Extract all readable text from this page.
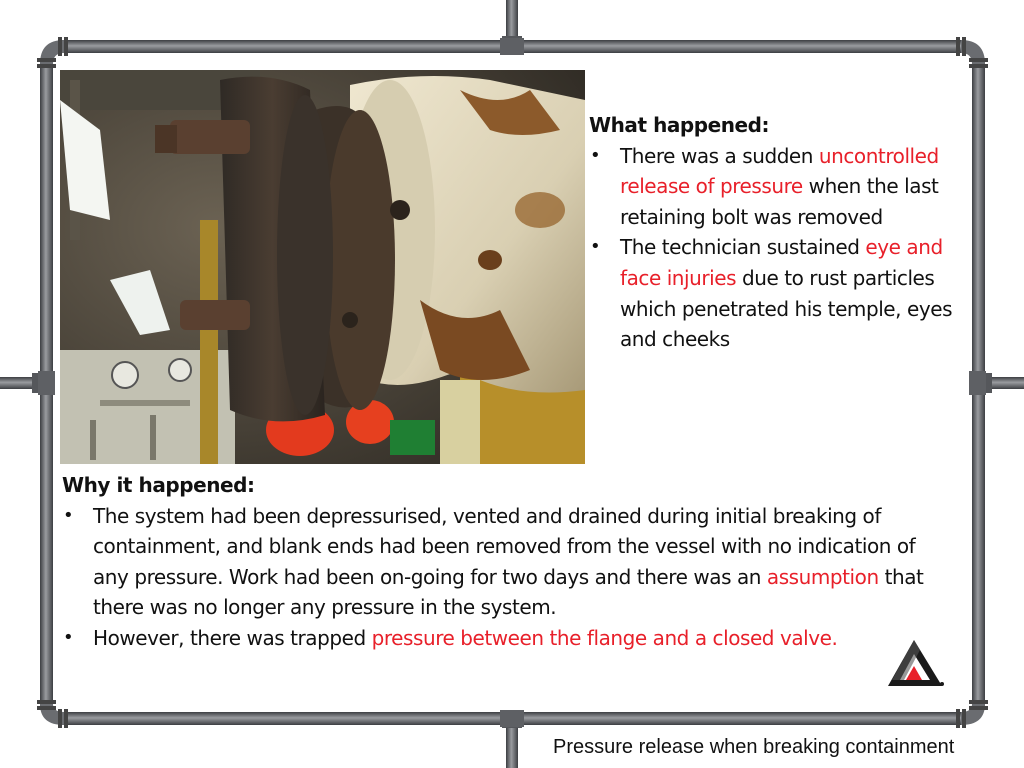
What happened:
• There was a sudden uncontrolled release of pressure when the last retaining bolt was removed
• The technician sustained eye and face injuries due to rust particles which penetrated his temple, eyes and cheeks
Why it happened:
• The system had been depressurised, vented and drained during initial breaking of containment, and blank ends had been removed from the vessel with no indication of any pressure. Work had been on-going for two days and there was an assumption that there was no longer any pressure in the system.
• However, there was trapped pressure between the flange and a closed valve.
Pressure release when breaking containment
